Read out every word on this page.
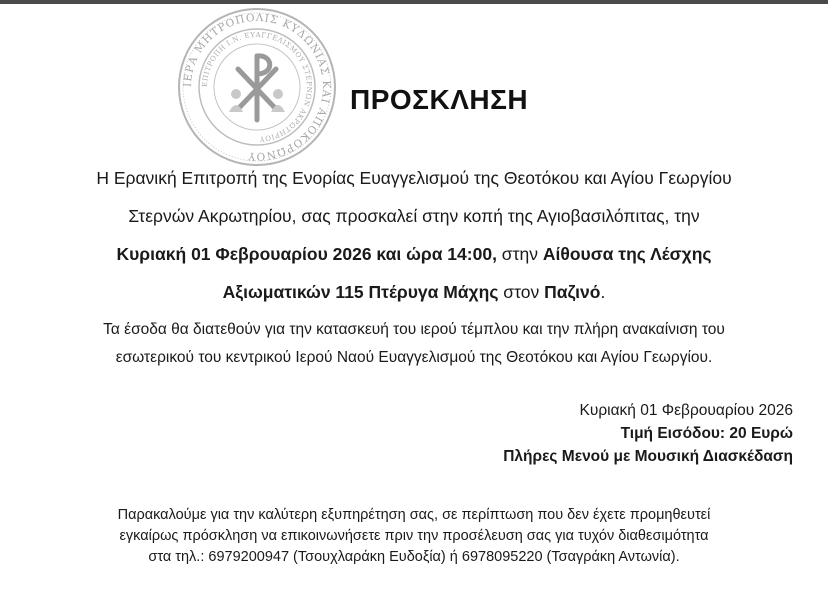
ΙΕΡΑ ΜΗΤΡΟΠΟΛΙΣ ΚΥΔΩΝΙΑΣ ΚΑΙ ΑΠΟΚΟΡΩΝΟΥ
ΕΠΙΤΡΟΠΗ Ι.Ν. ΕΥΑΓΓΕΛΙΣΜΟΥ ΣΤΕΡΝΩΝ ΑΚΡΩΤΗΡΙΟΥ
ΠΡΟΣΚΛΗΣΗ
Η Ερανική Επιτροπή της Ενορίας Ευαγγελισμού της Θεοτόκου και Αγίου Γεωργίου
Στερνών Ακρωτηρίου, σας προσκαλεί στην κοπή της Αγιοβασιλόπιτας, την
Κυριακή 01 Φεβρουαρίου 2026 και ώρα 14:00, στην Αίθουσα της Λέσχης
Αξιωματικών 115 Πτέρυγα Μάχης στον Παζινό.
Τα έσοδα θα διατεθούν για την κατασκευή του ιερού τέμπλου και την πλήρη ανακαίνιση του
εσωτερικού του κεντρικού Ιερού Ναού Ευαγγελισμού της Θεοτόκου και Αγίου Γεωργίου.
Κυριακή 01 Φεβρουαρίου 2026
Τιμή Εισόδου: 20 Ευρώ
Πλήρες Μενού με Μουσική Διασκέδαση
Παρακαλούμε για την καλύτερη εξυπηρέτηση σας, σε περίπτωση που δεν έχετε προμηθευτεί
εγκαίρως πρόσκληση να επικοινωνήσετε πριν την προσέλευση σας για τυχόν διαθεσιμότητα
στα τηλ.: 6979200947 (Τσουχλαράκη Ευδοξία) ή 6978095220 (Τσαγράκη Αντωνία).
